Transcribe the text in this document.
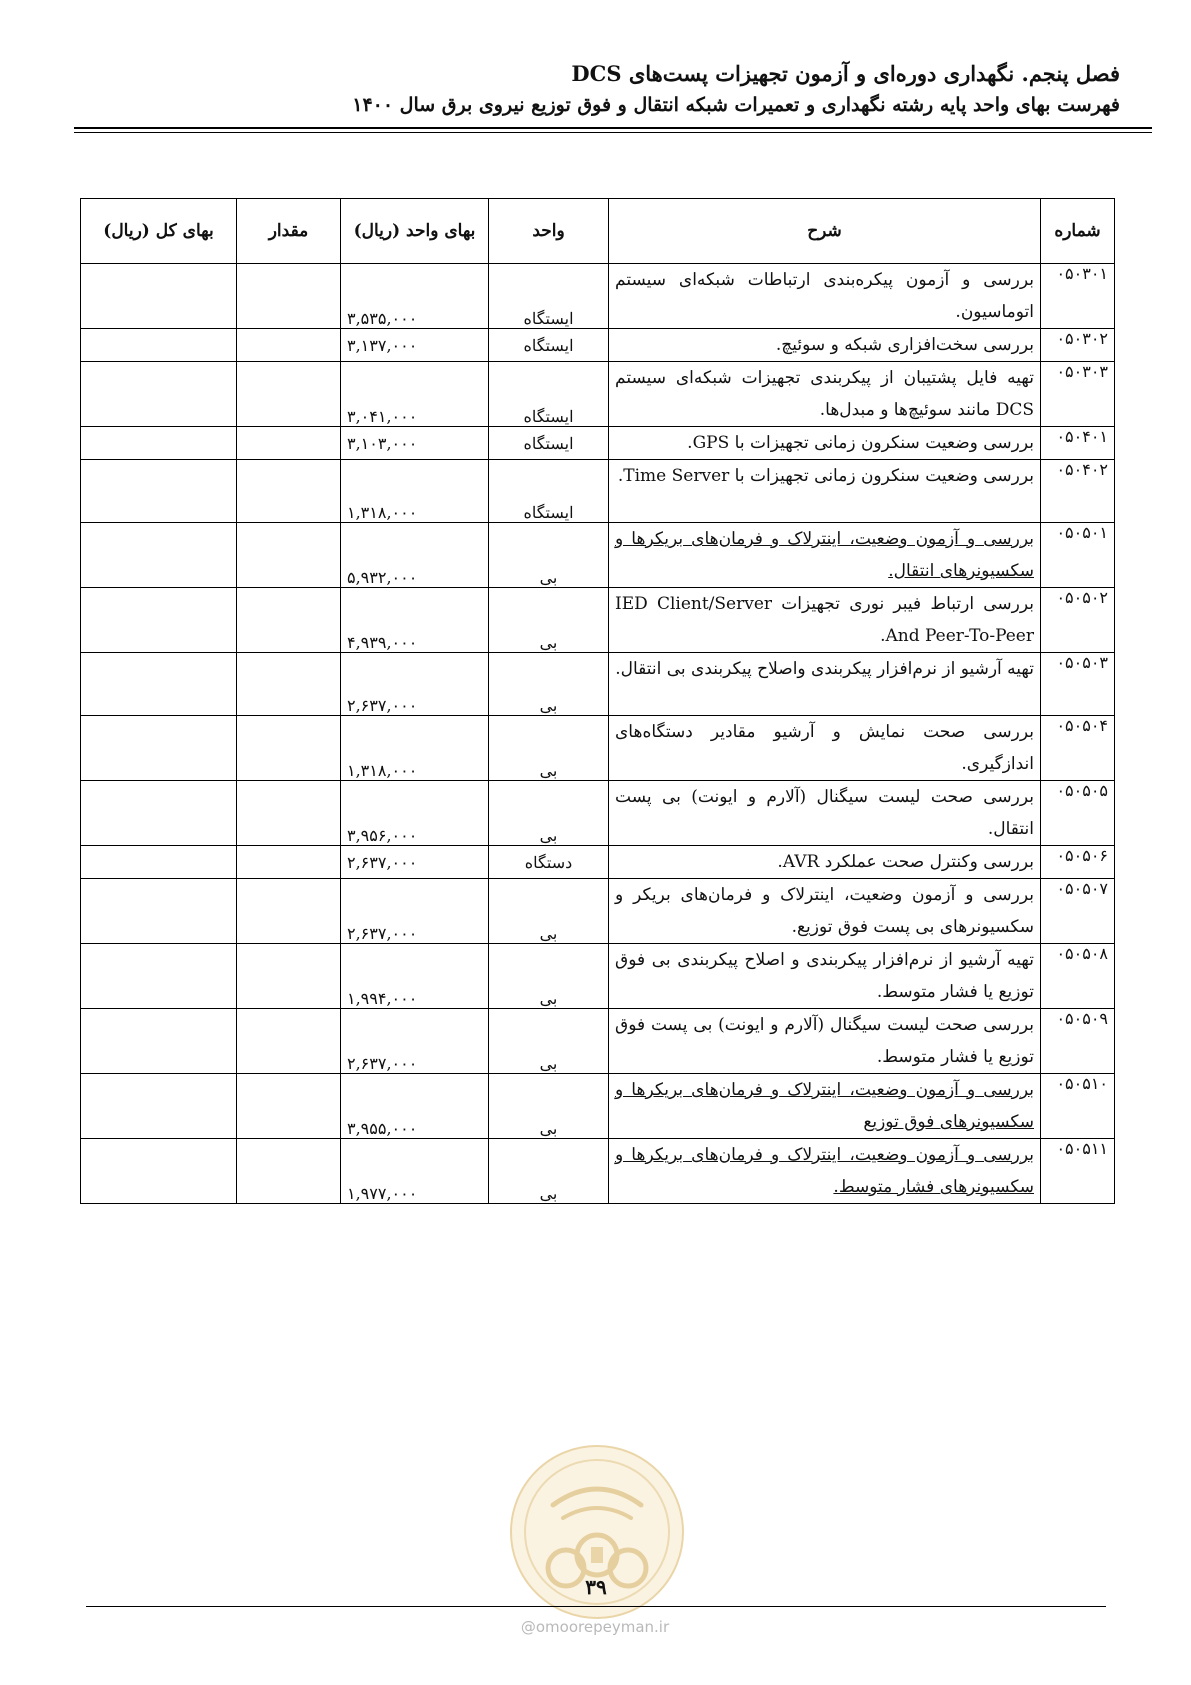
فصل پنجم. نگهداری دوره‌ای و آزمون تجهیزات پست‌های DCS
فهرست بهای واحد پایه رشته نگهداری و تعمیرات شبکه انتقال و فوق توزیع نیروی برق سال ۱۴۰۰
شماره	شرح	واحد	بهای واحد (ریال)	مقدار	بهای کل (ریال)
۰۵۰۳۰۱	بررسی و آزمون پیکره‌بندی ارتباطات شبکه‌ای سیستم اتوماسیون.	ایستگاه	۳,۵۳۵,۰۰۰		
۰۵۰۳۰۲	بررسی سخت‌افزاری شبکه و سوئیچ.	ایستگاه	۳,۱۳۷,۰۰۰		
۰۵۰۳۰۳	تهیه فایل پشتیبان از پیکربندی تجهیزات شبکه‌ای سیستم DCS مانند سوئیچ‌ها و مبدل‌ها.	ایستگاه	۳,۰۴۱,۰۰۰		
۰۵۰۴۰۱	بررسی وضعیت سنکرون زمانی تجهیزات با GPS.	ایستگاه	۳,۱۰۳,۰۰۰		
۰۵۰۴۰۲	بررسی وضعیت سنکرون زمانی تجهیزات با Time Server.	ایستگاه	۱,۳۱۸,۰۰۰		
۰۵۰۵۰۱	بررسی و آزمون وضعیت، اینترلاک و فرمان‌های بریکرها و سکسیونرهای انتقال.	بی	۵,۹۳۲,۰۰۰		
۰۵۰۵۰۲	بررسی ارتباط فیبر نوری تجهیزات IED Client/Server And Peer-To-Peer.	بی	۴,۹۳۹,۰۰۰		
۰۵۰۵۰۳	تهیه آرشیو از نرم‌افزار پیکربندی واصلاح پیکربندی بی انتقال.	بی	۲,۶۳۷,۰۰۰		
۰۵۰۵۰۴	بررسی صحت نمایش و آرشیو مقادیر دستگاه‌های اندازگیری.	بی	۱,۳۱۸,۰۰۰		
۰۵۰۵۰۵	بررسی صحت لیست سیگنال (آلارم و ایونت) بی پست انتقال.	بی	۳,۹۵۶,۰۰۰		
۰۵۰۵۰۶	بررسی وکنترل صحت عملکرد AVR.	دستگاه	۲,۶۳۷,۰۰۰		
۰۵۰۵۰۷	بررسی و آزمون وضعیت، اینترلاک و فرمان‌های بریکر و سکسیونرهای بی پست فوق توزیع.	بی	۲,۶۳۷,۰۰۰		
۰۵۰۵۰۸	تهیه آرشیو از نرم‌افزار پیکربندی و اصلاح پیکربندی بی فوق توزیع یا فشار متوسط.	بی	۱,۹۹۴,۰۰۰		
۰۵۰۵۰۹	بررسی صحت لیست سیگنال (آلارم و ایونت) بی پست فوق توزیع یا فشار متوسط.	بی	۲,۶۳۷,۰۰۰		
۰۵۰۵۱۰	بررسی و آزمون وضعیت، اینترلاک و فرمان‌های بریکرها و سکسیونرهای فوق توزیع	بی	۳,۹۵۵,۰۰۰		
۰۵۰۵۱۱	بررسی و آزمون وضعیت، اینترلاک و فرمان‌های بریکرها و سکسیونرهای فشار متوسط.	بی	۱,۹۷۷,۰۰۰		
۳۹
@omoorepeyman.ir
